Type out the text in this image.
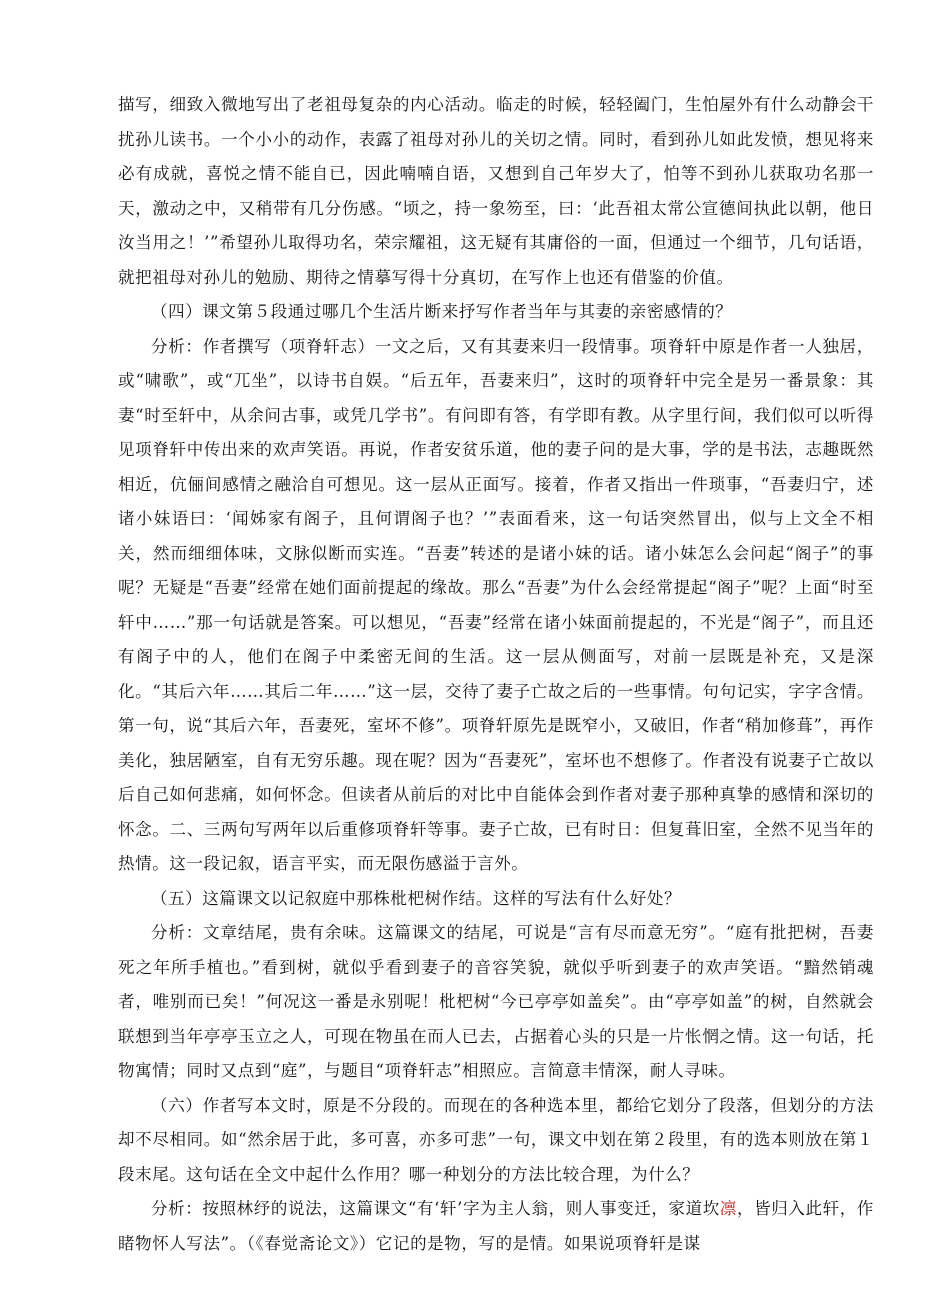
描写，细致入微地写出了老祖母复杂的内心活动。临走的时候，轻轻阖门，生怕屋外有什么动静会干扰孙儿读书。一个小小的动作，表露了祖母对孙儿的关切之情。同时，看到孙儿如此发愤，想见将来必有成就，喜悦之情不能自已，因此喃喃自语，又想到自己年岁大了，怕等不到孙儿获取功名那一天，激动之中，又稍带有几分伤感。“顷之，持一象笏至，曰：‘此吾祖太常公宣德间执此以朝，他日汝当用之！’”希望孙儿取得功名，荣宗耀祖，这无疑有其庸俗的一面，但通过一个细节，几句话语，就把祖母对孙儿的勉励、期待之情摹写得十分真切，在写作上也还有借鉴的价值。

（四）课文第５段通过哪几个生活片断来抒写作者当年与其妻的亲密感情的？

分析：作者撰写（项脊轩志）一文之后，又有其妻来归一段情事。项脊轩中原是作者一人独居，或“啸歌”，或“兀坐”，以诗书自娱。“后五年，吾妻来归”，这时的项脊轩中完全是另一番景象：其妻“时至轩中，从余问古事，或凭几学书”。有问即有答，有学即有教。从字里行间，我们似可以听得见项脊轩中传出来的欢声笑语。再说，作者安贫乐道，他的妻子问的是大事，学的是书法，志趣既然相近，伉俪间感情之融洽自可想见。这一层从正面写。接着，作者又指出一件琐事，“吾妻归宁，述诸小妹语曰：‘闻姊家有阁子，且何谓阁子也？’”表面看来，这一句话突然冒出，似与上文全不相关，然而细细体味，文脉似断而实连。“吾妻”转述的是诸小妹的话。诸小妹怎么会问起“阁子”的事呢？无疑是“吾妻”经常在她们面前提起的缘故。那么“吾妻”为什么会经常提起“阁子”呢？上面“时至轩中……”那一句话就是答案。可以想见，“吾妻”经常在诸小妹面前提起的，不光是“阁子”，而且还有阁子中的人，他们在阁子中柔密无间的生活。这一层从侧面写，对前一层既是补充，又是深化。“其后六年……其后二年……”这一层，交待了妻子亡故之后的一些事情。句句记实，字字含情。第一句，说“其后六年，吾妻死，室坏不修”。项脊轩原先是既窄小，又破旧，作者“稍加修葺”，再作美化，独居陋室，自有无穷乐趣。现在呢？因为“吾妻死”，室坏也不想修了。作者没有说妻子亡故以后自己如何悲痛，如何怀念。但读者从前后的对比中自能体会到作者对妻子那种真挚的感情和深切的怀念。二、三两句写两年以后重修项脊轩等事。妻子亡故，已有时日：但复葺旧室，全然不见当年的热情。这一段记叙，语言平实，而无限伤感溢于言外。

（五）这篇课文以记叙庭中那株枇杷树作结。这样的写法有什么好处？

分析：文章结尾，贵有余味。这篇课文的结尾，可说是“言有尽而意无穷”。“庭有批把树，吾妻死之年所手植也。”看到树，就似乎看到妻子的音容笑貌，就似乎听到妻子的欢声笑语。“黯然销魂者，唯别而已矣！”何况这一番是永别呢！枇杷树“今已亭亭如盖矣”。由“亭亭如盖”的树，自然就会联想到当年亭亭玉立之人，可现在物虽在而人已去，占据着心头的只是一片怅惘之情。这一句话，托物寓情；同时又点到“庭”，与题目“项脊轩志”相照应。言简意丰情深，耐人寻味。

（六）作者写本文时，原是不分段的。而现在的各种选本里，都给它划分了段落，但划分的方法却不尽相同。如“然余居于此，多可喜，亦多可悲”一句，课文中划在第２段里，有的选本则放在第１段末尾。这句话在全文中起什么作用？哪一种划分的方法比较合理，为什么？

分析：按照林纾的说法，这篇课文“有‘轩’字为主人翁，则人事变迁，家道坎凛，皆归入此轩，作睹物怀人写法”。（《春觉斋论文》）它记的是物，写的是情。如果说项脊轩是谋
